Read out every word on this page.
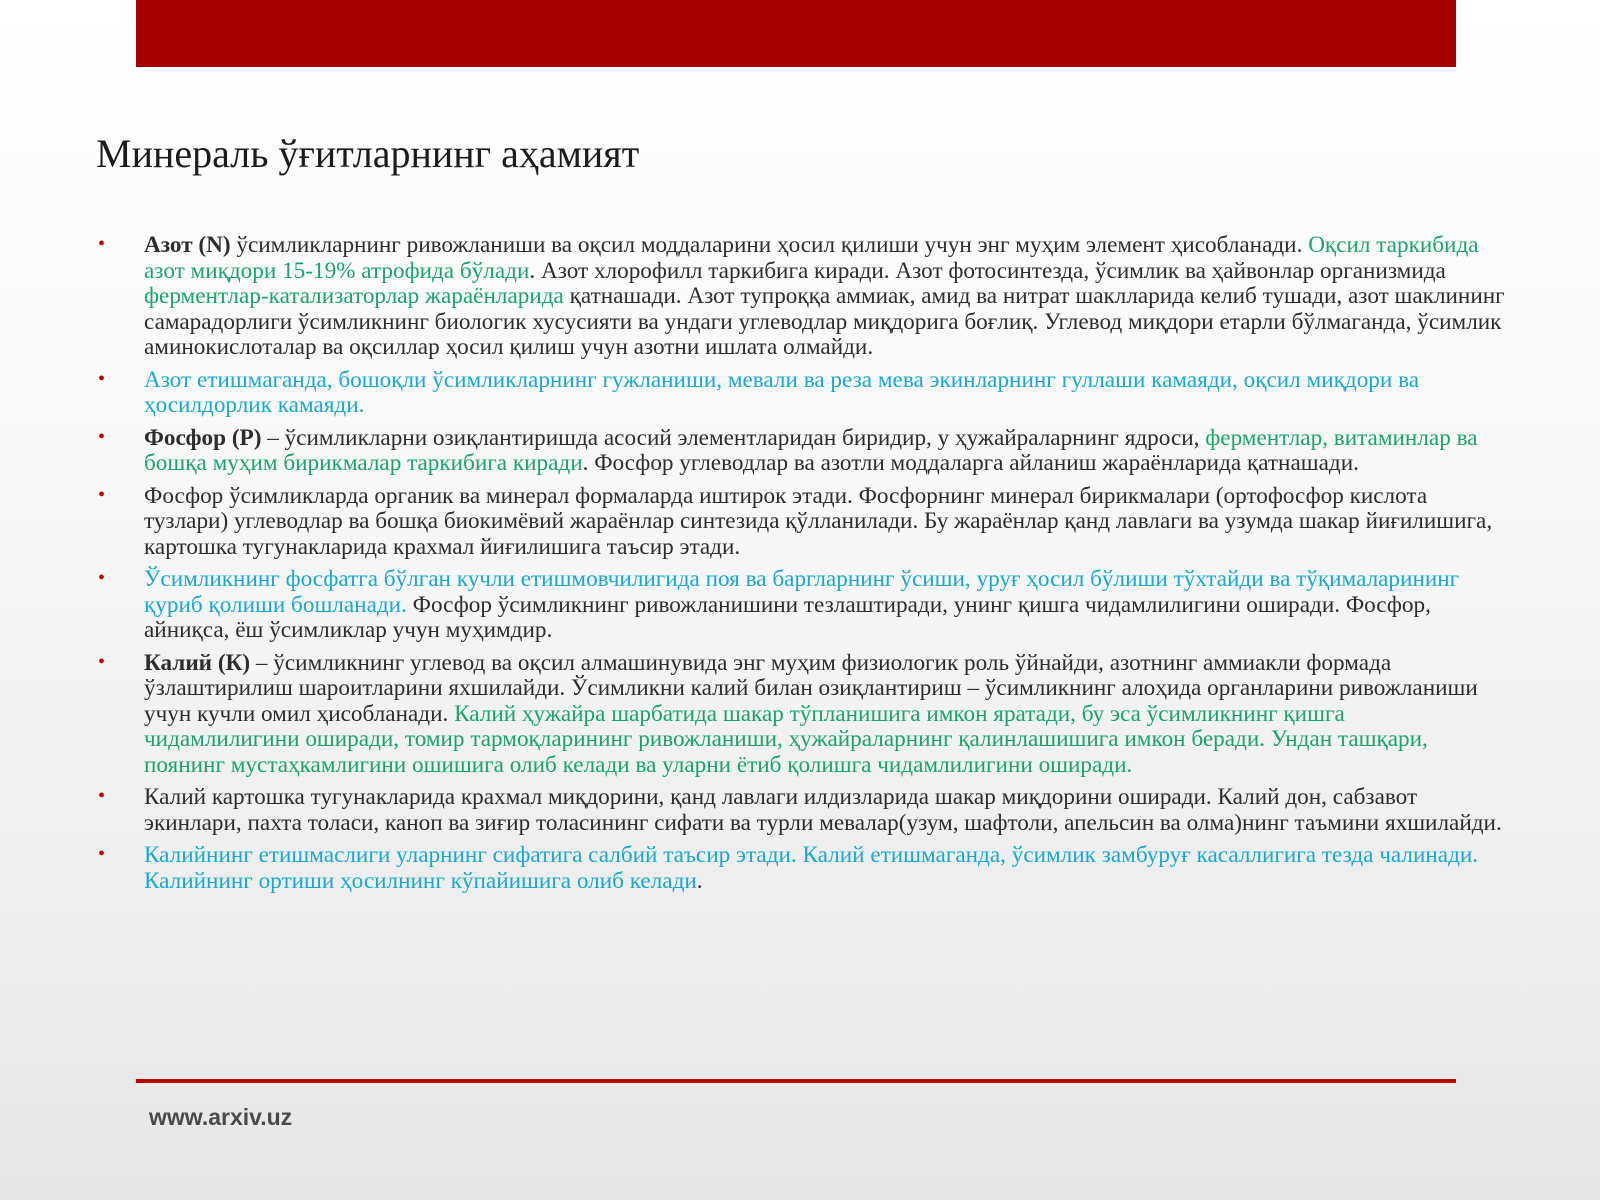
Минераль ўғитларнинг аҳамият
• Азот (N) ўсимликларнинг ривожланиши ва оқсил моддаларини ҳосил қилиши учун энг муҳим элемент ҳисобланади. Оқсил таркибида азот миқдори 15-19% атрофида бўлади. Азот хлорофилл таркибига киради. Азот фотосинтезда, ўсимлик ва ҳайвонлар организмида ферментлар-катализаторлар жараёнларида қатнашади. Азот тупроққа аммиак, амид ва нитрат шаклларида келиб тушади, азот шаклининг самарадорлиги ўсимликнинг биологик хусусияти ва ундаги углеводлар миқдорига боғлиқ. Углевод миқдори етарли бўлмаганда, ўсимлик аминокислоталар ва оқсиллар ҳосил қилиш учун азотни ишлата олмайди.
• Азот етишмаганда, бошоқли ўсимликларнинг гужланиши, мевали ва реза мева экинларнинг гуллаши камаяди, оқсил миқдори ва ҳосилдорлик камаяди.
• Фосфор (Р) – ўсимликларни озиқлантиришда асосий элементларидан биридир, у ҳужайраларнинг ядроси, ферментлар, витаминлар ва бошқа муҳим бирикмалар таркибига киради. Фосфор углеводлар ва азотли моддаларга айланиш жараёнларида қатнашади.
• Фосфор ўсимликларда органик ва минерал формаларда иштирок этади. Фосфорнинг минерал бирикмалари (ортофосфор кислота тузлари) углеводлар ва бошқа биокимёвий жараёнлар синтезида қўлланилади. Бу жараёнлар қанд лавлаги ва узумда шакар йиғилишига, картошка тугунакларида крахмал йиғилишига таъсир этади.
• Ўсимликнинг фосфатга бўлган кучли етишмовчилигида поя ва баргларнинг ўсиши, уруғ ҳосил бўлиши тўхтайди ва тўқималарининг қуриб қолиши бошланади. Фосфор ўсимликнинг ривожланишини тезлаштиради, унинг қишга чидамлилигини оширади. Фосфор, айниқса, ёш ўсимликлар учун муҳимдир.
• Калий (К) – ўсимликнинг углевод ва оқсил алмашинувида энг муҳим физиологик роль ўйнайди, азотнинг аммиакли формада ўзлаштирилиш шароитларини яхшилайди. Ўсимликни калий билан озиқлантириш – ўсимликнинг алоҳида органларини ривожланиши учун кучли омил ҳисобланади. Калий ҳужайра шарбатида шакар тўпланишига имкон яратади, бу эса ўсимликнинг қишга чидамлилигини оширади, томир тармоқларининг ривожланиши, ҳужайраларнинг қалинлашишига имкон беради. Ундан ташқари, поянинг мустаҳкамлигини ошишига олиб келади ва уларни ётиб қолишга чидамлилигини оширади.
• Калий картошка тугунакларида крахмал миқдорини, қанд лавлаги илдизларида шакар миқдорини оширади. Калий дон, сабзавот экинлари, пахта толаси, каноп ва зиғир толасининг сифати ва турли мевалар(узум, шафтоли, апельсин ва олма)нинг таъмини яхшилайди.
• Калийнинг етишмаслиги уларнинг сифатига салбий таъсир этади. Калий етишмаганда, ўсимлик замбуруғ касаллигига тезда чалинади. Калийнинг ортиши ҳосилнинг кўпайишига олиб келади.
www.arxiv.uz
